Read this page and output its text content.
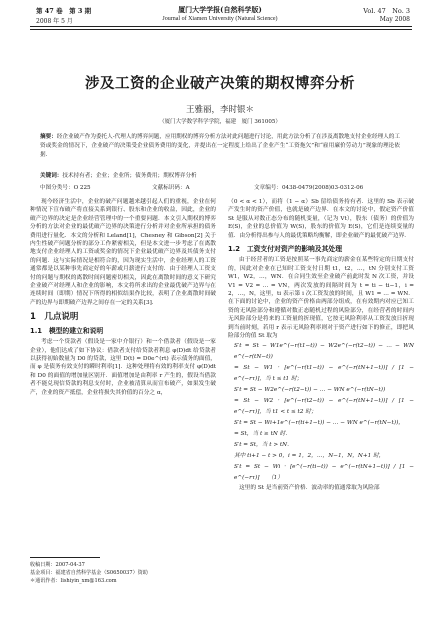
第 47 卷　第 3 期
2008 年 5 月
厦门大学学报(自然科学版)
Journal of Xiamen University (Natural Science)
Vol. 47　No. 3
May 2008
涉及工资的企业破产决策的期权博弈分析
王雅丽，李时银＊
（厦门大学数学科学学院，福建　厦门 361005）
摘要：经企业破产作为委托人-代理人的博弈问题，应用期权的博弈分析方法对此问题进行讨论，用此方法分析了在涉及离散地支付企业经理人的工资或奖金的情况下，企业破产的决策受企业债务费用的变化，并提出在一定程度上给出了企业产生“工资拖欠”和“雇用廉价劳动力”现象的理论依据.
关键词：技术持有者；企业；企业所；债务费用；期权博弈分析
中图分类号：O 225	文献标识码：A	文章编号：0438-0479(2008)03-0312-06

现今经济生活中，企业的破产问题越来越引起人们的重视，企业在何种情况下宣布破产将直接关系到银行、股东和企业的收益，因此，企业的破产边界的决定是企业经营管理中的一个重要问题．本文引入期权的博弈分析的方法对企业的最优破产边界的决策进行分析并对企业所承担的债务费用进行量化．本文的分析和 Leland[1]，Chesney 和 Gibson[2] 关于内生性破产问题分析的部分工作紧密相关，但是本文进一步考虑了在离散地支付企业经理人的工资或奖金的情况下企业最优破产边界及其债务支付的问题．这与实际情况是相符合的，因为现实生活中，企业经理人的工资通常都是以某种事先商定好的年薪或月薪进行支付的．由于经理人工资支付的问题与期权的离散时间问题密切相关，因此在离散时间的意义下研究企业破产对经理人和企业的影响，本文将所求出的企业最优破产边界与在连续时间（即期）情况下所得的相似结果作比较，表明了企业离散时间破产的边界与即期破产边界之间存在一定的关系[3]．

1　几点说明
1.1　模型的建立和说明

考虑一个贷款者（假设是一家中介银行）和一个借款者（假设是一家企业），他们达成了如下协议：借款者支付给贷款者利息 φ(D)dt 给贷款者以获得初始数量为 D0 的贷款，这里 D(t) = D0e^(rt) 表示债务的面值，而 φ 是债务有效支付的瞬时利率[1]．这种处理将有效的利率支付 φ(D)dt 和 D0 的面值的增加量区别开．面值增加是由利率 r 产生的，假设当借款者不能兑现信贷款的利息支付时，企业被清算从而宣布破产，如果发生破产，企业的资产抵偿，企业将损失其价值的百分之 α，

（0 < α < 1），而将（1 − α）Sb 留给债务持有者．这里的 Sb 表示破产发生时的资产价值，也就是破产边界．在本文的讨论中，假定资产价值 St 是服从对数正态分布的随机变量，（记为 Vt），股东（债务）的价值为 E(S)，企业的总价值为 W(S)，股东的价值为 E(S)，它们是连续变量的值．由分析得出参与人的最优策略均衡解，即企业破产的最优破产边界．

1.2　工资支付对资产的影响及其处理

由于经营者的工资是按照某一事先商定的薪金在某些特定的日期支付的，因此对企业在已知时工资支付日期 t1，t2，…，tN 分别支付工资 W1，W2，…，WN．在合同生效至企业破产前此时发 N 次工资，并设 V1 = V2 = … = VN，两次发放的间隔时间为 t = ti − ti−1，i = 2，…，N，这里，ti 表示第 i 次工资发放的时间，且 W1 = … = WN．在下面的讨论中，企业的资产价格由两部分组成，在有效期内对应已知工资的无风险部分和遵循对数正态随机过程的风险部分，在经营者的时间内无风险部分是将来的工资量的折现值，它按无风险利率从工资发放日折现到当前时刻，若用 r 表示无风险利率则对于资产进行如下的修正，即把风险部分的值 St 取为

S′t = St − W1e^(−r(t1−t)) − W2e^(−r(t2−t)) − … − WN e^(−r(tN−t))
= St − W1 · [e^(−r(t1−t)) − e^(−r(tN+1−t))] / [1 − e^(−rτ)]，当 t ≤ t1 时；
S′t = St − W2e^(−r(t2−t)) − … − WN e^(−r(tN−t))
= St − W2 · [e^(−r(t2−t)) − e^(−r(tN+1−t))] / [1 − e^(−rτ)]，当 t1 < t ≤ t2 时；
S′t = St − Wi+1e^(−r(ti+1−t)) − … − WN e^(−r(tN−t))，
= St，当 t ≥ tN 时．
S′t = St，当 t > tN．
其中 ti+1 − t > 0，i = 1，2，…，N−1，N，N+1 时，
S′t = St − Wi · [e^(−r(ti−t)) − e^(−r(tN+1−t))] / [1 − e^(−rτ)]　　（1）

这里的 St 是当前资产价格．波动率的值通常取为风险部

收稿日期：2007-04-37
基金项目：福建省自然科学基金（S0650037）资助
＊通讯作者：lishiyin_xm@163.com
